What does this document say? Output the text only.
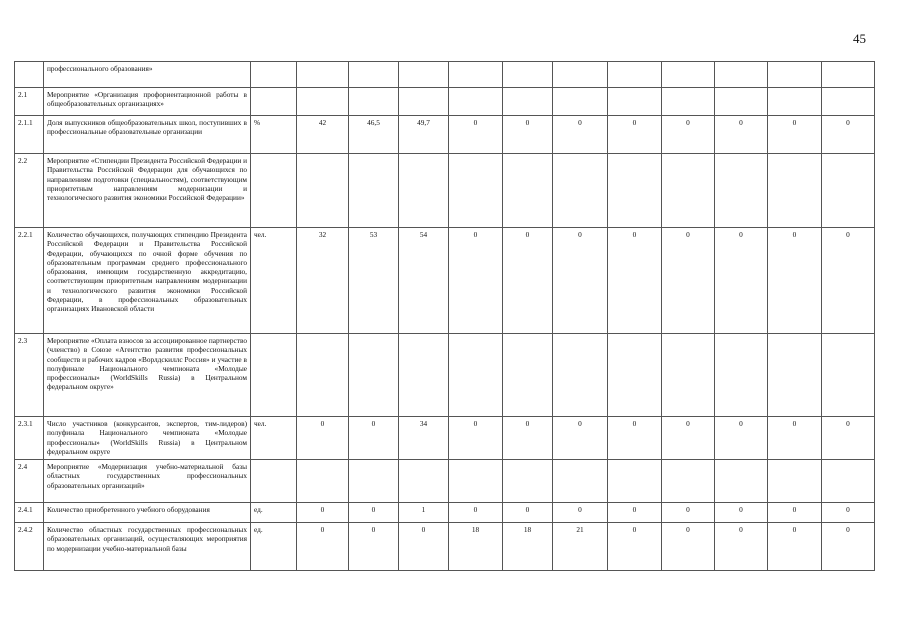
45
	профессионального образования»												
2.1	Мероприятие «Организация профориентационной работы в общеобразовательных организациях»												
2.1.1	Доля выпускников общеобразовательных школ, поступивших в профессиональные образовательные организации	%	42	46,5	49,7	0	0	0	0	0	0	0	0
2.2	Мероприятие «Стипендии Президента Российской Федерации и Правительства Российской Федерации для обучающихся по направлениям подготовки (специальностям), соответствующим приоритетным направлениям модернизации и технологического развития экономики Российской Федерации»												
2.2.1	Количество обучающихся, получающих стипендию Президента Российской Федерации и Правительства Российской Федерации, обучающихся по очной форме обучения по образовательным программам среднего профессионального образования, имеющим государственную аккредитацию, соответствующим приоритетным направлениям модернизации и технологического развития экономики Российской Федерации, в профессиональных образовательных организациях Ивановской области	чел.	32	53	54	0	0	0	0	0	0	0	0
2.3	Мероприятие «Оплата взносов за ассоциированное партнерство (членство) в Союзе «Агентство развития профессиональных сообществ и рабочих кадров «Ворлдскиллс Россия» и участие в полуфинале Национального чемпионата «Молодые профессионалы» (WorldSkills Russia) в Центральном федеральном округе»												
2.3.1	Число участников (конкурсантов, экспертов, тим-лидеров) полуфинала Национального чемпионата «Молодые профессионалы» (WorldSkills Russia) в Центральном федеральном округе	чел.	0	0	34	0	0	0	0	0	0	0	0
2.4	Мероприятие «Модернизация учебно-материальной базы областных государственных профессиональных образовательных организаций»												
2.4.1	Количество приобретенного учебного оборудования	ед.	0	0	1	0	0	0	0	0	0	0	0
2.4.2	Количество областных государственных профессиональных образовательных организаций, осуществляющих мероприятия по модернизации учебно-материальной базы	ед.	0	0	0	18	18	21	0	0	0	0	0
